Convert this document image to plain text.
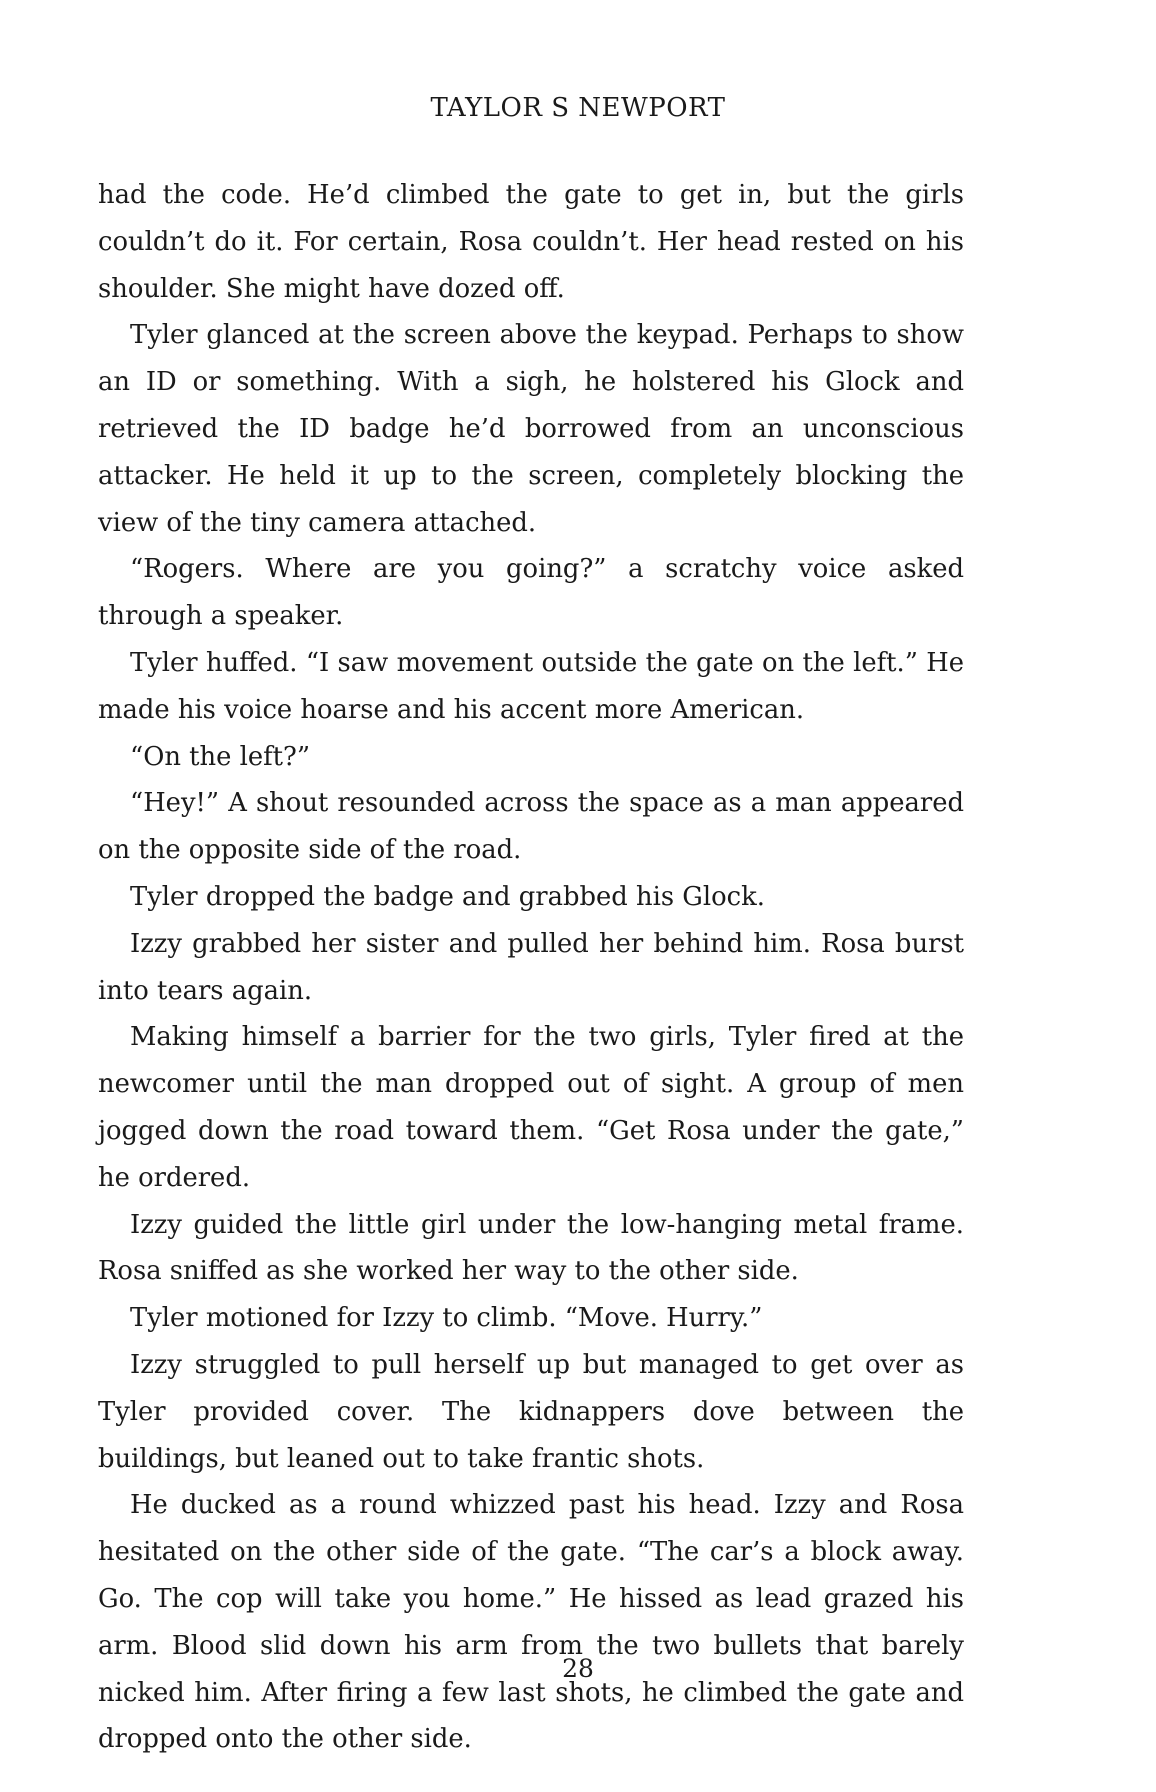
TAYLOR S NEWPORT

had the code. He’d climbed the gate to get in, but the girls couldn’t do it. For certain, Rosa couldn’t. Her head rested on his shoulder. She might have dozed off.

Tyler glanced at the screen above the keypad. Perhaps to show an ID or something. With a sigh, he holstered his Glock and retrieved the ID badge he’d borrowed from an unconscious attacker. He held it up to the screen, completely blocking the view of the tiny camera attached.

“Rogers. Where are you going?” a scratchy voice asked through a speaker.

Tyler huffed. “I saw movement outside the gate on the left.” He made his voice hoarse and his accent more American.

“On the left?”

“Hey!” A shout resounded across the space as a man appeared on the opposite side of the road.

Tyler dropped the badge and grabbed his Glock.

Izzy grabbed her sister and pulled her behind him. Rosa burst into tears again.

Making himself a barrier for the two girls, Tyler fired at the newcomer until the man dropped out of sight. A group of men jogged down the road toward them. “Get Rosa under the gate,” he ordered.

Izzy guided the little girl under the low-hanging metal frame. Rosa sniffed as she worked her way to the other side.

Tyler motioned for Izzy to climb. “Move. Hurry.”

Izzy struggled to pull herself up but managed to get over as Tyler provided cover. The kidnappers dove between the buildings, but leaned out to take frantic shots.

He ducked as a round whizzed past his head. Izzy and Rosa hesitated on the other side of the gate. “The car’s a block away. Go. The cop will take you home.” He hissed as lead grazed his arm. Blood slid down his arm from the two bullets that barely nicked him. After firing a few last shots, he climbed the gate and dropped onto the other side.

28
